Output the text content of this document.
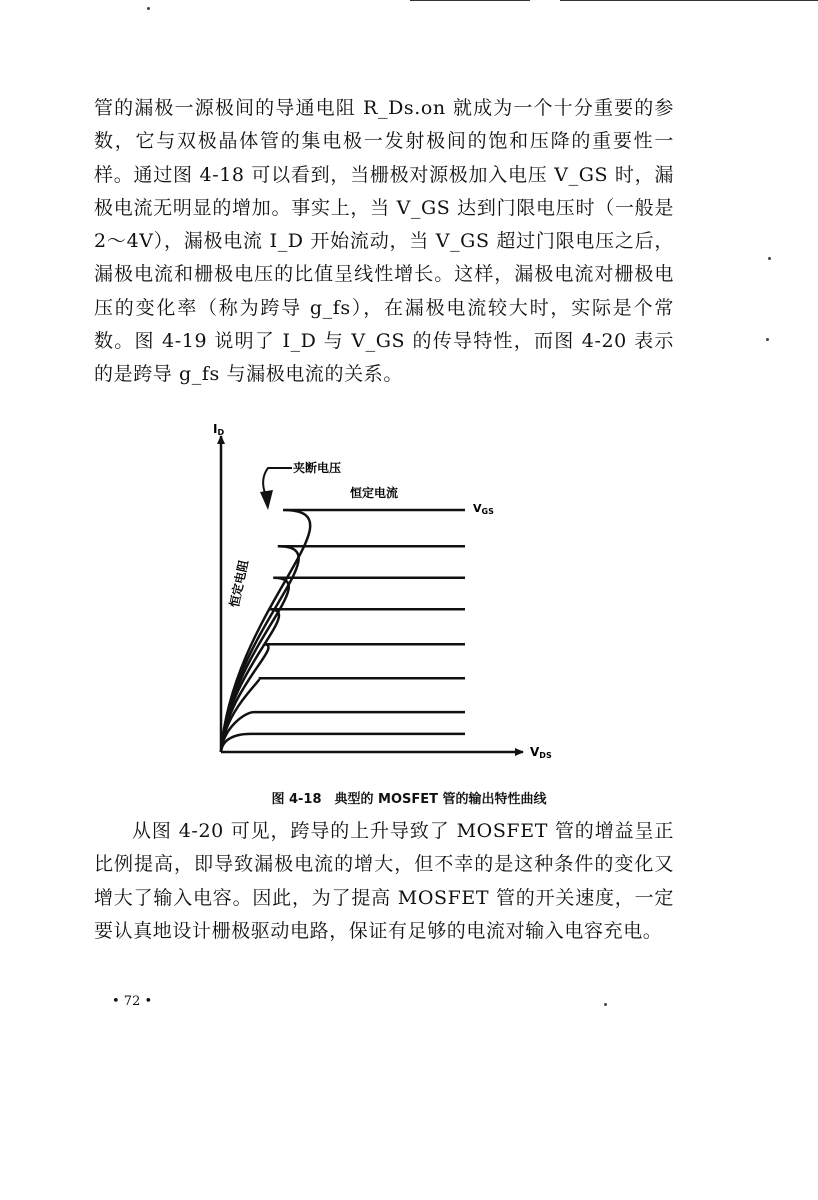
管的漏极一源极间的导通电阻 R_Ds.on 就成为一个十分重要的参数，它与双极晶体管的集电极一发射极间的饱和压降的重要性一样。通过图 4-18 可以看到，当栅极对源极加入电压 V_GS 时，漏极电流无明显的增加。事实上，当 V_GS 达到门限电压时（一般是 2～4V），漏极电流 I_D 开始流动，当 V_GS 超过门限电压之后，漏极电流和栅极电压的比值呈线性增长。这样，漏极电流对栅极电压的变化率（称为跨导 g_fs），在漏极电流较大时，实际是个常数。图 4-19 说明了 I_D 与 V_GS 的传导特性，而图 4-20 表示的是跨导 g_fs 与漏极电流的关系。

ID
VDS
夹断电压
恒定电流
VGS
恒定电阻
图 4-18　典型的 MOSFET 管的输出特性曲线

从图 4-20 可见，跨导的上升导致了 MOSFET 管的增益呈正比例提高，即导致漏极电流的增大，但不幸的是这种条件的变化又增大了输入电容。因此，为了提高 MOSFET 管的开关速度，一定要认真地设计栅极驱动电路，保证有足够的电流对输入电容充电。

• 72 •
